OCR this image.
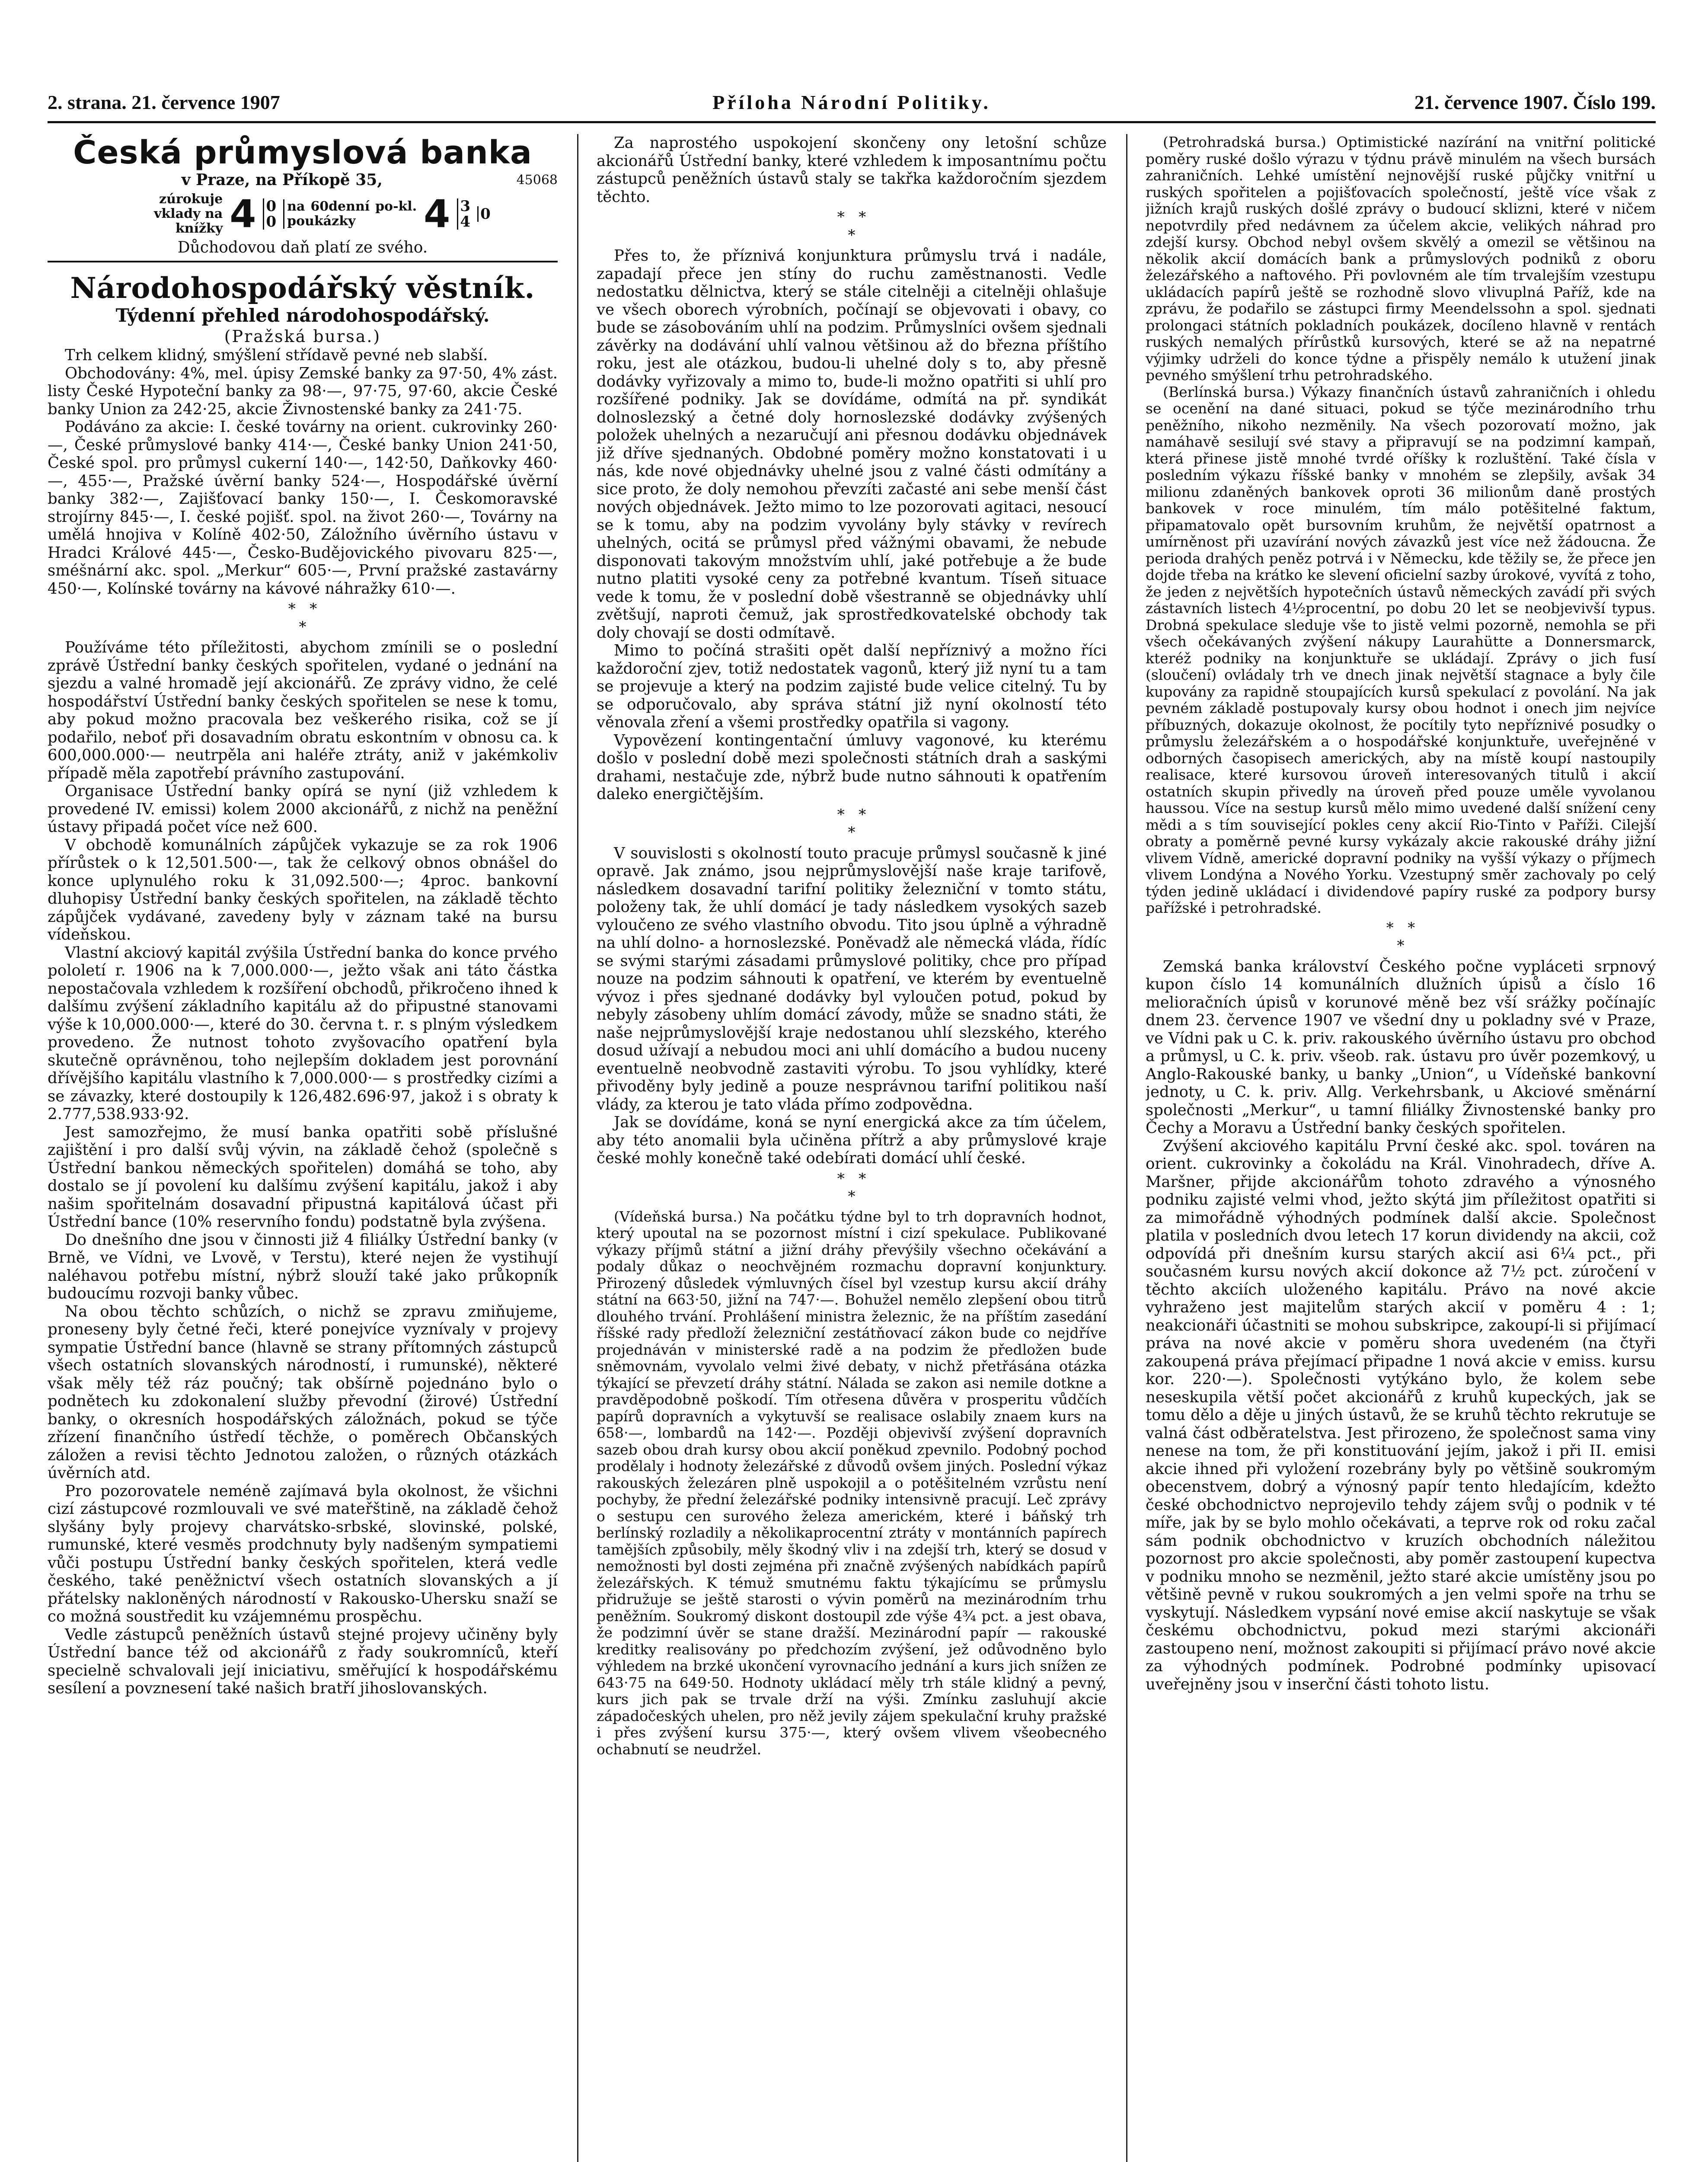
2. strana. 21. července 1907	Příloha Národní Politiky.	21. července 1907. Číslo 199.
Česká průmyslová banka
v Praze, na Příkopě 35,	45068
zúrokuje vklady na knížky 4 0
0
na 60denní po-kl. poukázky	4 3
4 0
Důchodovou daň platí ze svého.
Národohospodářský věstník.
Týdenní přehled národohospodářský.
(Pražská bursa.)

Trh celkem klidný, smýšlení střídavě pevné neb slabší.

Obchodovány: 4%, mel. úpisy Zemské banky za 97·50, 4% zást. listy České Hypoteční banky za 98·—, 97·75, 97·60, akcie České banky Union za 242·25, akcie Živnostenské banky za 241·75.

Podáváno za akcie: I. české továrny na orient. cukrovinky 260·—, České průmyslové banky 414·—, České banky Union 241·50, České spol. pro průmysl cukerní 140·—, 142·50, Daňkovky 460·—, 455·—, Pražské úvěrní banky 524·—, Hospodářské úvěrní banky 382·—, Zajišťovací banky 150·—, I. Českomoravské strojírny 845·—, I. české pojišť. spol. na život 260·—, Továrny na umělá hnojiva v Kolíně 402·50, Záložního úvěrního ústavu v Hradci Králové 445·—, Česko-Budějovického pivovaru 825·—, sméšnární akc. spol. „Merkur“ 605·—, První pražské zastavárny 450·—, Kolínské továrny na kávové náhražky 610·—.

*   *
*

Používáme této příležitosti, abychom zmínili se o poslední zprávě Ústřední banky českých spořitelen, vydané o jednání na sjezdu a valné hromadě její akcionářů. Ze zprávy vidno, že celé hospodářství Ústřední banky českých spořitelen se nese k tomu, aby pokud možno pracovala bez veškerého risika, což se jí podařilo, neboť při dosavadním obratu eskontním v obnosu ca. k 600,000.000·— neutrpěla ani haléře ztráty, aniž v jakémkoliv případě měla zapotřebí právního zastupování.

Organisace Ústřední banky opírá se nyní (již vzhledem k provedené IV. emissi) kolem 2000 akcionářů, z nichž na peněžní ústavy připadá počet více než 600.

V obchodě komunálních zápůjček vykazuje se za rok 1906 přírůstek o k 12,501.500·—, tak že celkový obnos obnášel do konce uplynulého roku k 31,092.500·—; 4proc. bankovní dluhopisy Ústřední banky českých spořitelen, na základě těchto zápůjček vydávané, zavedeny byly v záznam také na bursu vídeňskou.

Vlastní akciový kapitál zvýšila Ústřední banka do konce prvého pololetí r. 1906 na k 7,000.000·—, ježto však ani táto částka nepostačovala vzhledem k rozšíření obchodů, přikročeno ihned k dalšímu zvýšení základního kapitálu až do připustné stanovami výše k 10,000.000·—, které do 30. června t. r. s plným výsledkem provedeno. Že nutnost tohoto zvyšovacího opatření byla skutečně oprávněnou, toho nejlepším dokladem jest porovnání dřívějšího kapitálu vlastního k 7,000.000·— s prostředky cizími a se závazky, které dostoupily k 126,482.696·97, jakož i s obraty k 2.777,538.933·92.

Jest samozřejmo, že musí banka opatřiti sobě příslušné zajištění i pro další svůj vývin, na základě čehož (společně s Ústřední bankou německých spořitelen) domáhá se toho, aby dostalo se jí povolení ku dalšímu zvýšení kapitálu, jakož i aby našim spořitelnám dosavadní připustná kapitálová účast při Ústřední bance (10% reservního fondu) podstatně byla zvýšena.

Do dnešního dne jsou v činnosti již 4 filiálky Ústřední banky (v Brně, ve Vídni, ve Lvově, v Terstu), které nejen že vystihují naléhavou potřebu místní, nýbrž slouží také jako průkopník budoucímu rozvoji banky vůbec.

Na obou těchto schůzích, o nichž se zpravu zmiňujeme, proneseny byly četné řeči, které ponejvíce vyznívaly v projevy sympatie Ústřední bance (hlavně se strany přítomných zástupců všech ostatních slovanských národností, i rumunské), některé však měly též ráz poučný; tak obšírně pojednáno bylo o podnětech ku zdokonalení služby převodní (žirové) Ústřední banky, o okresních hospodářských záložnách, pokud se týče zřízení finančního ústředí těchže, o poměrech Občanských záložen a revisi těchto Jednotou založen, o různých otázkách úvěrních atd.

Pro pozorovatele neméně zajímavá byla okolnost, že všichni cizí zástupcové rozmlouvali ve své mateřštině, na základě čehož slyšány byly projevy charvátsko-srbské, slovinské, polské, rumunské, které vesměs prodchnuty byly nadšeným sympatiemi vůči postupu Ústřední banky českých spořitelen, která vedle českého, také peněžnictví všech ostatních slovanských a jí přátelsky nakloněných národností v Rakousko-Uhersku snaží se co možná soustředit ku vzájemnému prospěchu.

Vedle zástupců peněžních ústavů stejné projevy učiněny byly Ústřední bance též od akcionářů z řady soukromníců, kteří specielně schvalovali její iniciativu, směřující k hospodářskému sesílení a povznesení také našich bratří jihoslovanských.

Za naprostého uspokojení skončeny ony letošní schůze akcionářů Ústřední banky, které vzhledem k imposantnímu počtu zástupců peněžních ústavů staly se takřka každoročním sjezdem těchto.

*   *
*

Přes to, že příznivá konjunktura průmyslu trvá i nadále, zapadají přece jen stíny do ruchu zaměstnanosti. Vedle nedostatku dělnictva, který se stále citelněji a citelněji ohlašuje ve všech oborech výrobních, počínají se objevovati i obavy, co bude se zásobováním uhlí na podzim. Průmyslníci ovšem sjednali závěrky na dodávání uhlí valnou většinou až do března příštího roku, jest ale otázkou, budou-li uhelné doly s to, aby přesně dodávky vyřizovaly a mimo to, bude-li možno opatřiti si uhlí pro rozšířené podniky. Jak se dovídáme, odmítá na př. syndikát dolnoslezský a četné doly hornoslezské dodávky zvýšených položek uhelných a nezaručují ani přesnou dodávku objednávek již dříve sjednaných. Obdobné poměry možno konstatovati i u nás, kde nové objednávky uhelné jsou z valné části odmítány a sice proto, že doly nemohou převzíti začasté ani sebe menší část nových objednávek. Ježto mimo to lze pozorovati agitaci, nesoucí se k tomu, aby na podzim vyvolány byly stávky v revírech uhelných, ocitá se průmysl před vážnými obavami, že nebude disponovati takovým množstvím uhlí, jaké potřebuje a že bude nutno platiti vysoké ceny za potřebné kvantum. Tíseň situace vede k tomu, že v poslední době všestranně se objednávky uhlí zvětšují, naproti čemuž, jak sprostředkovatelské obchody tak doly chovají se dosti odmítavě.

Mimo to počíná strašiti opět další nepříznivý a možno říci každoroční zjev, totiž nedostatek vagonů, který již nyní tu a tam se projevuje a který na podzim zajisté bude velice citelný. Tu by se odporučovalo, aby správa státní již nyní okolností této věnovala zření a všemi prostředky opatřila si vagony.

Vypovězení kontingentační úmluvy vagonové, ku kterému došlo v poslední době mezi společnosti státních drah a saskými drahami, nestačuje zde, nýbrž bude nutno sáhnouti k opatřením daleko energičtějším.

*   *
*

V souvislosti s okolností touto pracuje průmysl současně k jiné opravě. Jak známo, jsou nejprůmyslovější naše kraje tarifově, následkem dosavadní tarifní politiky železniční v tomto státu, položeny tak, že uhlí domácí je tady následkem vysokých sazeb vyloučeno ze svého vlastního obvodu. Tito jsou úplně a výhradně na uhlí dolno- a hornoslezské. Poněvadž ale německá vláda, řídíc se svými starými zásadami průmyslové politiky, chce pro případ nouze na podzim sáhnouti k opatření, ve kterém by eventuelně vývoz i přes sjednané dodávky byl vyloučen potud, pokud by nebyly zásobeny uhlím domácí závody, může se snadno státi, že naše nejprůmyslovější kraje nedostanou uhlí slezského, kterého dosud užívají a nebudou moci ani uhlí domácího a budou nuceny eventuelně neobvodně zastaviti výrobu. To jsou vyhlídky, které přivoděny byly jedině a pouze nesprávnou tarifní politikou naší vlády, za kterou je tato vláda přímo zodpovědna.

Jak se dovídáme, koná se nyní energická akce za tím účelem, aby této anomalii byla učiněna přítrž a aby průmyslové kraje české mohly konečně také odebírati domácí uhlí české.

*   *
*

(Vídeňská bursa.) Na počátku týdne byl to trh dopravních hodnot, který upoutal na se pozornost místní i cizí spekulace. Publikované výkazy příjmů státní a jižní dráhy převýšily všechno očekávání a podaly důkaz o neochvějném rozmachu dopravní konjunktury. Přirozený důsledek výmluvných čísel byl vzestup kursu akcií dráhy státní na 663·50, jižní na 747·—. Bohužel nemělo zlepšení obou titrů dlouhého trvání. Prohlášení ministra železnic, že na příštím zasedání říšské rady předloží železniční zestátňovací zákon bude co nejdříve projednáván v ministerské radě a na podzim že předložen bude sněmovnám, vyvolalo velmi živé debaty, v nichž přetřásána otázka týkající se převzetí dráhy státní. Nálada se zakon asi nemile dotkne a pravděpodobně poškodí. Tím otřesena důvěra v prosperitu vůdčích papírů dopravních a vykytuvší se realisace oslabily znaem kurs na 658·—, lombardů na 142·—. Později objevivší zvýšení dopravních sazeb obou drah kursy obou akcií poněkud zpevnilo. Podobný pochod prodělaly i hodnoty železářské z důvodů ovšem jiných. Poslední výkaz rakouských železáren plně uspokojil a o potěšitelném vzrůstu není pochyby, že přední železářské podniky intensivně pracují. Leč zprávy o sestupu cen surového železa americkém, které i báňský trh berlínský rozladily a několikaprocentní ztráty v montánních papírech tamějších způsobily, měly škodný vliv i na zdejší trh, který se dosud v nemožnosti byl dosti zejména při značně zvýšených nabídkách papírů železářských. K témuž smutnému faktu týkajícímu se průmyslu přidružuje se ještě starosti o vývin poměrů na mezinárodním trhu peněžním. Soukromý diskont dostoupil zde výše 4¾ pct. a jest obava, že podzimní úvěr se stane dražší. Mezinárodní papír — rakouské kreditky realisovány po předchozím zvýšení, jež odůvodněno bylo výhledem na brzké ukončení vyrovnacího jednání a kurs jich snížen ze 643·75 na 649·50. Hodnoty ukládací měly trh stále klidný a pevný, kurs jich pak se trvale drží na výši. Zmínku zasluhují akcie západočeských uhelen, pro něž jevily zájem spekulační kruhy pražské i přes zvýšení kursu 375·—, který ovšem vlivem všeobecného ochabnutí se neudržel.

(Petrohradská bursa.) Optimistické nazírání na vnitřní politické poměry ruské došlo výrazu v týdnu právě minulém na všech bursách zahraničních. Lehké umístění nejnovější ruské půjčky vnitřní u ruských spořitelen a pojišťovacích společností, ještě více však z jižních krajů ruských došlé zprávy o budoucí sklizni, které v ničem nepotvrdily před nedávnem za účelem akcie, velikých náhrad pro zdejší kursy. Obchod nebyl ovšem skvělý a omezil se většinou na několik akcií domácích bank a průmyslových podniků z oboru železářského a naftového. Při povlovném ale tím trvalejším vzestupu ukládacích papírů ještě se rozhodně slovo vlivuplná Paříž, kde na zprávu, že podařilo se zástupci firmy Meendelssohn a spol. sjednati prolongaci státních pokladních poukázek, docíleno hlavně v rentách ruských nemalých přírůstků kursových, které se až na nepatrné výjimky udrželi do konce týdne a přispěly nemálo k utužení jinak pevného smýšlení trhu petrohradského.

(Berlínská bursa.) Výkazy finančních ústavů zahraničních i ohledu se ocenění na dané situaci, pokud se týče mezinárodního trhu peněžního, nikoho nezměnily. Na všech pozorovatí možno, jak namáhavě sesilují své stavy a připravují se na podzimní kampaň, která přinese jistě mnohé tvrdé oříšky k rozluštění. Také čísla v posledním výkazu říšské banky v mnohém se zlepšily, avšak 34 milionu zdaněných bankovek oproti 36 milionům daně prostých bankovek v roce minulém, tím málo potěšitelné faktum, připamatovalo opět bursovním kruhům, že největší opatrnost a umírněnost při uzavírání nových závazků jest více než žádoucna. Že perioda drahých peněz potrvá i v Německu, kde těžily se, že přece jen dojde třeba na krátko ke slevení oficielní sazby úrokové, vyvítá z toho, že jeden z největších hypotečních ústavů německých zavádí při svých zástavních listech 4½procentní, po dobu 20 let se neobjevivší typus. Drobná spekulace sleduje vše to jistě velmi pozorně, nemohla se při všech očekávaných zvýšení nákupy Laurahütte a Donnersmarck, kteréž podniky na konjunktuře se ukládají. Zprávy o jich fusí (sloučení) ovládaly trh ve dnech jinak největší stagnace a byly čile kupovány za rapidně stoupajících kursů spekulací z povolání. Na jak pevném základě postupovaly kursy obou hodnot i onech jim nejvíce příbuzných, dokazuje okolnost, že pocítily tyto nepříznivé posudky o průmyslu železářském a o hospodářské konjunktuře, uveřejněné v odborných časopisech amerických, aby na místě koupí nastoupily realisace, které kursovou úroveň interesovaných titulů i akcií ostatních skupin přivedly na úroveň před pouze uměle vyvolanou haussou. Více na sestup kursů mělo mimo uvedené další snížení ceny mědi a s tím související pokles ceny akcií Rio-Tinto v Paříži. Cilejší obraty a poměrně pevné kursy vykázaly akcie rakouské dráhy jižní vlivem Vídně, americké dopravní podniky na vyšší výkazy o příjmech vlivem Londýna a Nového Yorku. Vzestupný směr zachovaly po celý týden jedině ukládací i dividendové papíry ruské za podpory bursy pařížské i petrohradské.

*   *
*

Zemská banka království Českého počne vypláceti srpnový kupon číslo 14 komunálních dlužních úpisů a číslo 16 melioračních úpisů v korunové měně bez vší srážky počínajíc dnem 23. července 1907 ve všední dny u pokladny své v Praze, ve Vídni pak u C. k. priv. rakouského úvěrního ústavu pro obchod a průmysl, u C. k. priv. všeob. rak. ústavu pro úvěr pozemkový, u Anglo-Rakouské banky, u banky „Union“, u Vídeňské bankovní jednoty, u C. k. priv. Allg. Verkehrsbank, u Akciové směnární společnosti „Merkur“, u tamní filiálky Živnostenské banky pro Čechy a Moravu a Ústřední banky českých spořitelen.

Zvýšení akciového kapitálu První české akc. spol. továren na orient. cukrovinky a čokoládu na Král. Vinohradech, dříve A. Maršner, přijde akcionářům tohoto zdravého a výnosného podniku zajisté velmi vhod, ježto skýtá jim příležitost opatřiti si za mimořádně výhodných podmínek další akcie. Společnost platila v posledních dvou letech 17 korun dividendy na akcii, což odpovídá při dnešním kursu starých akcií asi 6¼ pct., při současném kursu nových akcií dokonce až 7½ pct. zúročení v těchto akciích uloženého kapitálu. Právo na nové akcie vyhraženo jest majitelům starých akcií v poměru 4 : 1; neakcionáři účastniti se mohou subskripce, zakoupí-li si přijímací práva na nové akcie v poměru shora uvedeném (na čtyři zakoupená práva přejímací připadne 1 nová akcie v emiss. kursu kor. 220·—). Společnosti vytýkáno bylo, že kolem sebe neseskupila větší počet akcionářů z kruhů kupeckých, jak se tomu dělo a děje u jiných ústavů, že se kruhů těchto rekrutuje se valná část odběratelstva. Jest přirozeno, že společnost sama viny nenese na tom, že při konstituování jejím, jakož i při II. emisi akcie ihned při vyložení rozebrány byly po většině soukromým obecenstvem, dobrý a výnosný papír tento hledajícím, kdežto české obchodnictvo neprojevilo tehdy zájem svůj o podnik v té míře, jak by se bylo mohlo očekávati, a teprve rok od roku začal sám podnik obchodnictvo v kruzích obchodních náležitou pozornost pro akcie společnosti, aby poměr zastoupení kupectva v podniku mnoho se nezměnil, ježto staré akcie umístěny jsou po většině pevně v rukou soukromých a jen velmi spoře na trhu se vyskytují. Následkem vypsání nové emise akcií naskytuje se však českému obchodnictvu, pokud mezi starými akcionáři zastoupeno není, možnost zakoupiti si přijímací právo nové akcie za výhodných podmínek. Podrobné podmínky upisovací uveřejněny jsou v inserční části tohoto listu.
